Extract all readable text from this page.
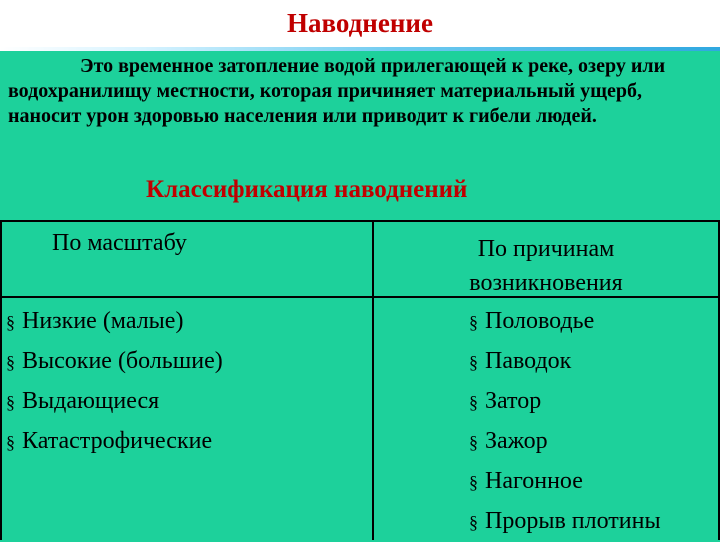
Наводнение
Это временное затопление водой прилегающей к реке, озеру или водохранилищу местности, которая причиняет материальный ущерб, наносит урон здоровью населения или приводит к гибели людей.
Классификация наводнений
По масштабу	По причинам
возникновения
§ Низкие (малые)
§ Высокие (большие)
§ Выдающиеся
§ Катастрофические
§ Половодье
§ Паводок
§ Затор
§ Зажор
§ Нагонное
§ Прорыв плотины
